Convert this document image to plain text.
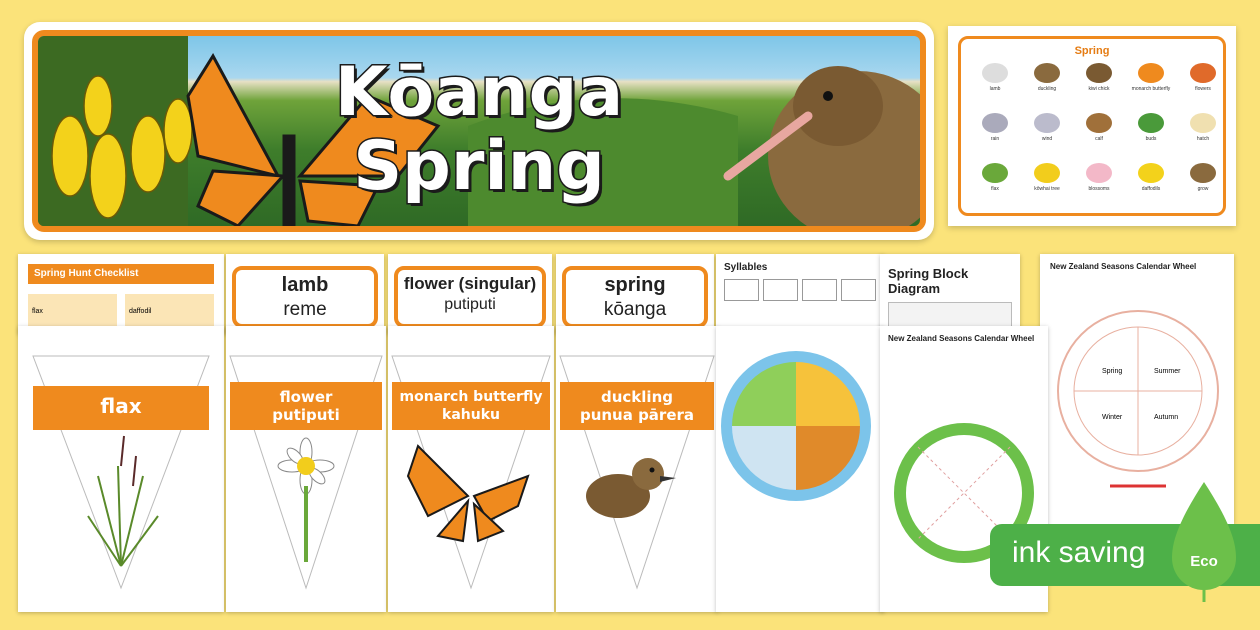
Kōanga
Spring
Spring
lamb	duckling	kiwi chick	monarch butterfly	flowers
rain	wind	calf	buds	hatch
flax	kōwhai tree	blossoms	daffodils	grow
Spring Hunt Checklist
flax	daffodil
lamb
reme
flower (singular)
putiputi
spring
kōanga
Syllables	Spring Block Diagram
New Zealand Seasons Calendar Wheel
Spring	Summer
Winter	Autumn
flax	flower
putiputi
monarch butterfly
kahuku
duckling
punua pārera
New Zealand Seasons Calendar Wheel
This Season
ink saving	Eco
